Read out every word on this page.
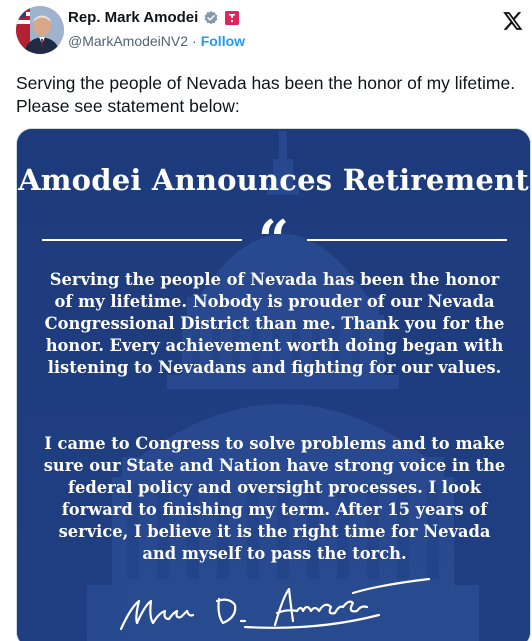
Rep. Mark Amodei
@MarkAmodeiNV2 · Follow
Serving the people of Nevada has been the honor of my lifetime. Please see statement below:
Amodei Announces Retirement
“
Serving the people of Nevada has been the honor of my lifetime. Nobody is prouder of our Nevada Congressional District than me. Thank you for the honor. Every achievement worth doing began with listening to Nevadans and fighting for our values.
I came to Congress to solve problems and to make sure our State and Nation have strong voice in the federal policy and oversight processes. I look forward to finishing my term. After 15 years of service, I believe it is the right time for Nevada and myself to pass the torch.
